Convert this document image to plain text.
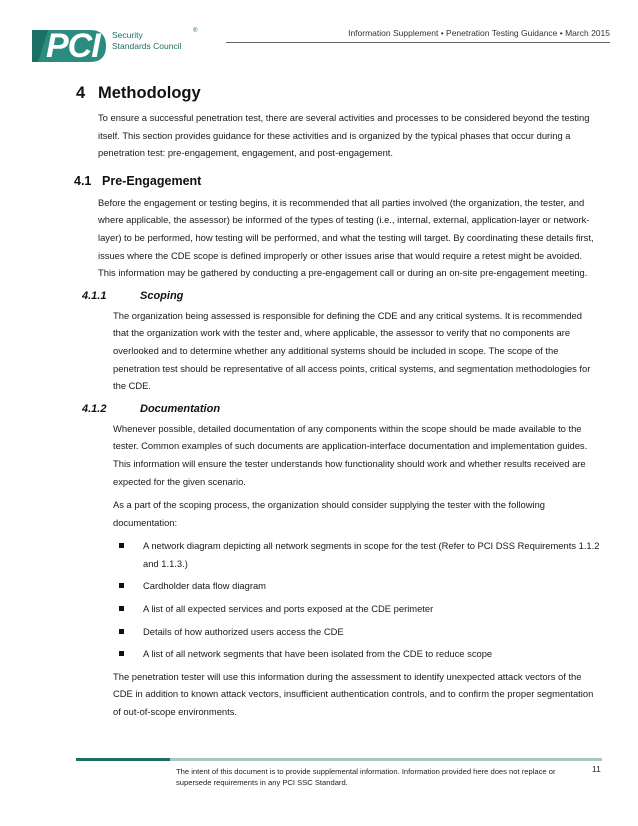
PCI Security
Standards Council
®	Information Supplement • Penetration Testing Guidance • March 2015
4 Methodology

To ensure a successful penetration test, there are several activities and processes to be considered beyond the testing itself. This section provides guidance for these activities and is organized by the typical phases that occur during a penetration test: pre-engagement, engagement, and post-engagement.

4.1 Pre-Engagement

Before the engagement or testing begins, it is recommended that all parties involved (the organization, the tester, and where applicable, the assessor) be informed of the types of testing (i.e., internal, external, application-layer or network-layer) to be performed, how testing will be performed, and what the testing will target. By coordinating these details first, issues where the CDE scope is defined improperly or other issues arise that would require a retest might be avoided. This information may be gathered by conducting a pre-engagement call or during an on-site pre-engagement meeting.

4.1.1	Scoping

The organization being assessed is responsible for defining the CDE and any critical systems. It is recommended that the organization work with the tester and, where applicable, the assessor to verify that no components are overlooked and to determine whether any additional systems should be included in scope. The scope of the penetration test should be representative of all access points, critical systems, and segmentation methodologies for the CDE.

4.1.2	Documentation

Whenever possible, detailed documentation of any components within the scope should be made available to the tester. Common examples of such documents are application-interface documentation and implementation guides. This information will ensure the tester understands how functionality should work and whether results received are expected for the given scenario.

As a part of the scoping process, the organization should consider supplying the tester with the following documentation:

A network diagram depicting all network segments in scope for the test (Refer to PCI DSS Requirements 1.1.2 and 1.1.3.)
Cardholder data flow diagram
A list of all expected services and ports exposed at the CDE perimeter
Details of how authorized users access the CDE
A list of all network segments that have been isolated from the CDE to reduce scope

The penetration tester will use this information during the assessment to identify unexpected attack vectors of the CDE in addition to known attack vectors, insufficient authentication controls, and to confirm the proper segmentation of out-of-scope environments.

The intent of this document is to provide supplemental information. Information provided here does not replace or supersede requirements in any PCI SSC Standard.
11
